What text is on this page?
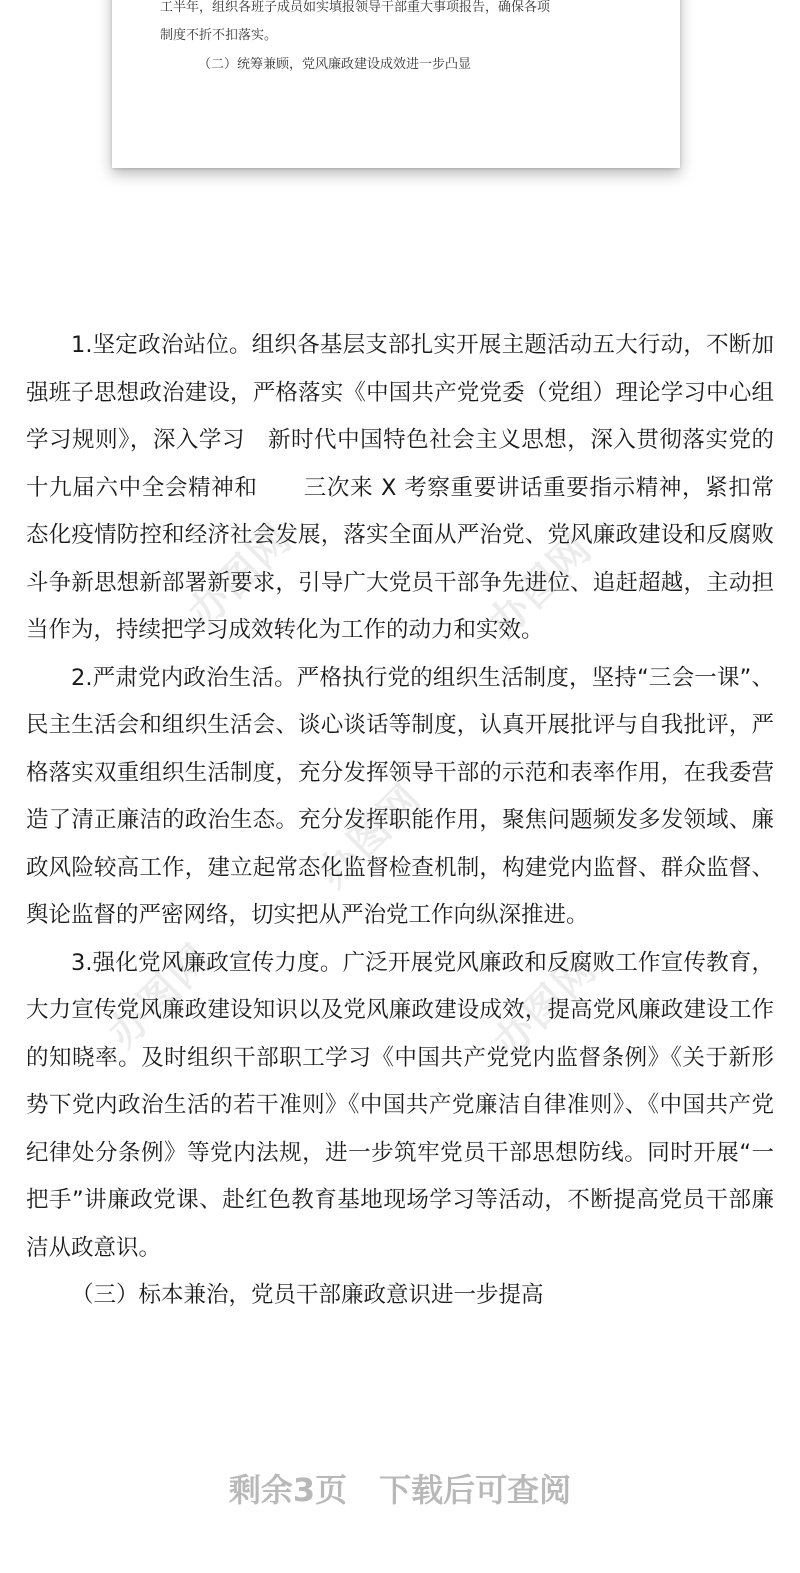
工半年，组织各班子成员如实填报领导干部重大事项报告，确保各项
制度不折不扣落实。
（二）统筹兼顾，党风廉政建设成效进一步凸显
办图网	办图网
办图网
办图网	办图网

1.坚定政治站位。组织各基层支部扎实开展主题活动五大行动，不断加强班子思想政治建设，严格落实《中国共产党党委（党组）理论学习中心组学习规则》，深入学习　新时代中国特色社会主义思想，深入贯彻落实党的十九届六中全会精神和　　三次来 X 考察重要讲话重要指示精神，紧扣常态化疫情防控和经济社会发展，落实全面从严治党、党风廉政建设和反腐败斗争新思想新部署新要求，引导广大党员干部争先进位、追赶超越，主动担当作为，持续把学习成效转化为工作的动力和实效。

2.严肃党内政治生活。严格执行党的组织生活制度，坚持“三会一课”、民主生活会和组织生活会、谈心谈话等制度，认真开展批评与自我批评，严格落实双重组织生活制度，充分发挥领导干部的示范和表率作用，在我委营造了清正廉洁的政治生态。充分发挥职能作用，聚焦问题频发多发领域、廉政风险较高工作，建立起常态化监督检查机制，构建党内监督、群众监督、舆论监督的严密网络，切实把从严治党工作向纵深推进。

3.强化党风廉政宣传力度。广泛开展党风廉政和反腐败工作宣传教育，大力宣传党风廉政建设知识以及党风廉政建设成效，提高党风廉政建设工作的知晓率。及时组织干部职工学习《中国共产党党内监督条例》《关于新形势下党内政治生活的若干准则》《中国共产党廉洁自律准则》、《中国共产党纪律处分条例》等党内法规，进一步筑牢党员干部思想防线。同时开展“一把手”讲廉政党课、赴红色教育基地现场学习等活动，不断提高党员干部廉洁从政意识。

（三）标本兼治，党员干部廉政意识进一步提高

剩余3页　下载后可查阅
